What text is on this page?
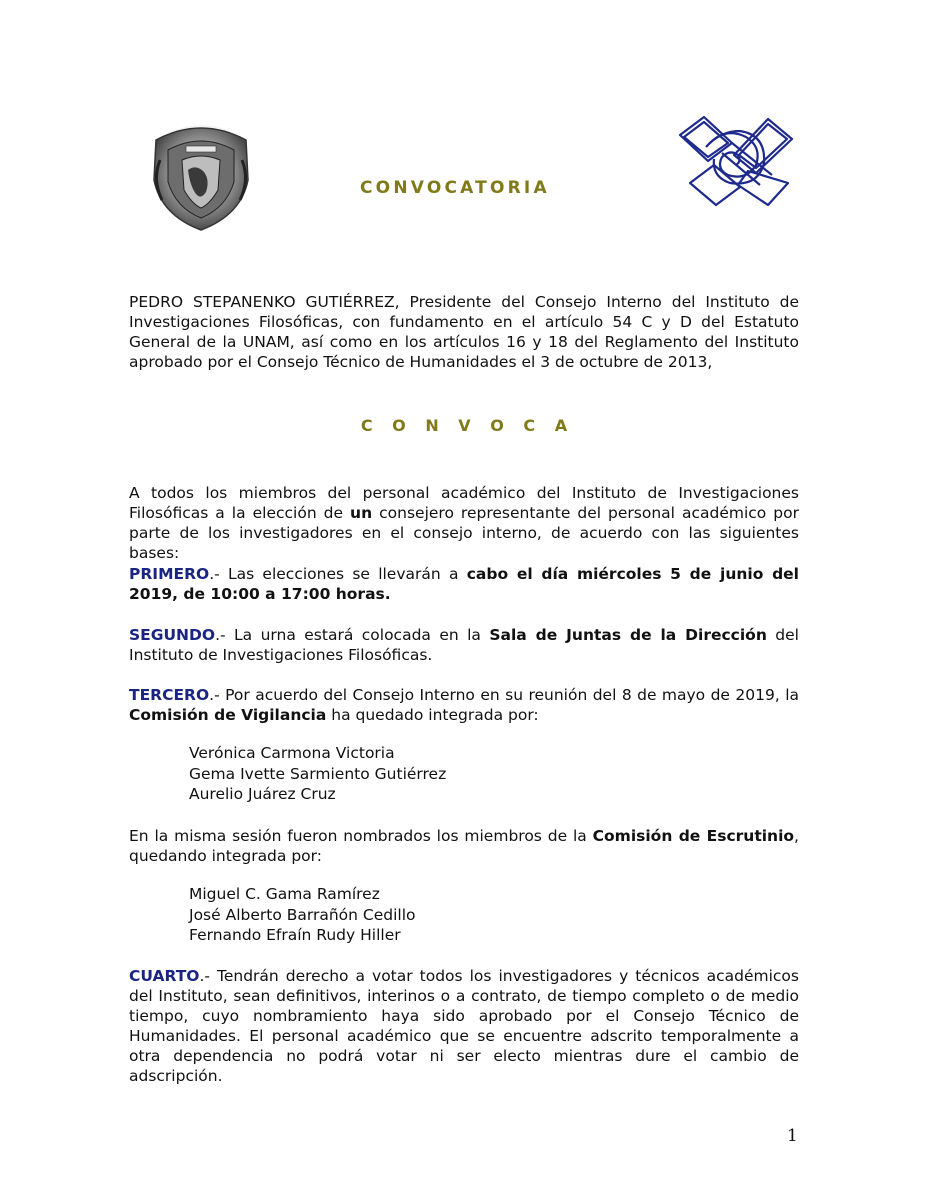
CONVOCATORIA

PEDRO STEPANENKO GUTIÉRREZ, Presidente del Consejo Interno del Instituto de Investigaciones Filosóficas, con fundamento en el artículo 54 C y D del Estatuto General de la UNAM, así como en los artículos 16 y 18 del Reglamento del Instituto aprobado por el Consejo Técnico de Humanidades el 3 de octubre de 2013,

C O N V O C A

A todos los miembros del personal académico del Instituto de Investigaciones Filosóficas a la elección de un consejero representante del personal académico por parte de los investigadores en el consejo interno, de acuerdo con las siguientes bases:

PRIMERO.- Las elecciones se llevarán a cabo el día miércoles 5 de junio del 2019, de 10:00 a 17:00 horas.

SEGUNDO.- La urna estará colocada en la Sala de Juntas de la Dirección del Instituto de Investigaciones Filosóficas.

TERCERO.- Por acuerdo del Consejo Interno en su reunión del 8 de mayo de 2019, la Comisión de Vigilancia ha quedado integrada por:

Verónica Carmona Victoria
Gema Ivette Sarmiento Gutiérrez
Aurelio Juárez Cruz

En la misma sesión fueron nombrados los miembros de la Comisión de Escrutinio, quedando integrada por:

Miguel C. Gama Ramírez
José Alberto Barrañón Cedillo
Fernando Efraín Rudy Hiller

CUARTO.- Tendrán derecho a votar todos los investigadores y técnicos académicos del Instituto, sean definitivos, interinos o a contrato, de tiempo completo o de medio tiempo, cuyo nombramiento haya sido aprobado por el Consejo Técnico de Humanidades. El personal académico que se encuentre adscrito temporalmente a otra dependencia no podrá votar ni ser electo mientras dure el cambio de adscripción.

1
